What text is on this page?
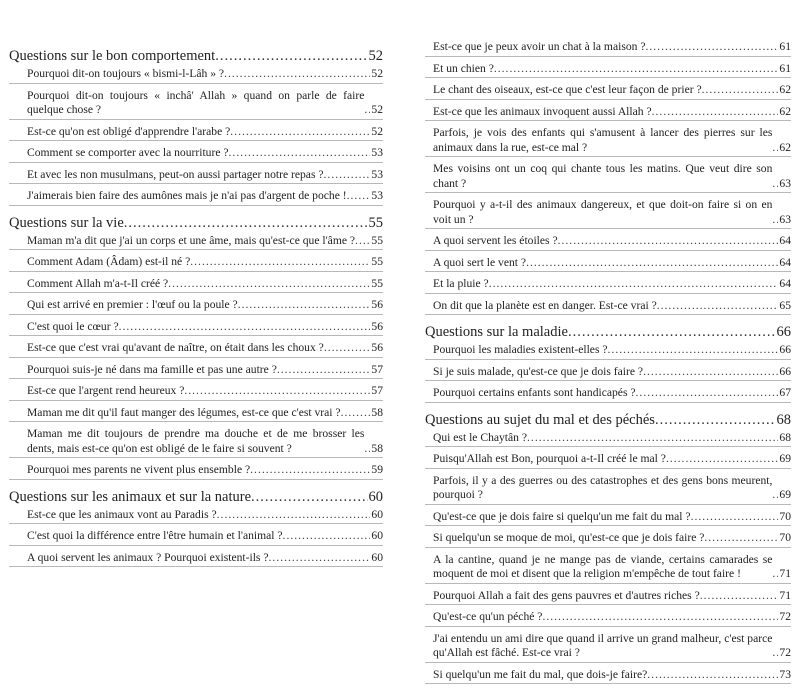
Questions sur le bon comportement .....	52
Pourquoi dit-on toujours « bismi-l-Lâh » ? .....	52
Pourquoi dit-on toujours « inchâ' Allah » quand on parle de faire quelque chose ? .....	52
Est-ce qu'on est obligé d'apprendre l'arabe ? .....	52
Comment se comporter avec la nourriture ? .....	53
Et avec les non musulmans, peut-on aussi partager notre repas ? .....	53
J'aimerais bien faire des aumônes mais je n'ai pas d'argent de poche ! ..... 53
Questions sur la vie .....	55
Maman m'a dit que j'ai un corps et une âme, mais qu'est-ce que l'âme ? ..... 55
Comment Adam (Âdam) est-il né ? .....	55
Comment Allah m'a-t-Il créé ? .....	55
Qui est arrivé en premier : l'œuf ou la poule ? .....	56
C'est quoi le cœur ? .....	56
Est-ce que c'est vrai qu'avant de naître, on était dans les choux ? .....	56
Pourquoi suis-je né dans ma famille et pas une autre ? .....	57
Est-ce que l'argent rend heureux ? .....	57
Maman me dit qu'il faut manger des légumes, est-ce que c'est vrai ? .....	58
Maman me dit toujours de prendre ma douche et de me brosser les dents, mais est-ce qu'on est obligé de le faire si souvent ? .....	58
Pourquoi mes parents ne vivent plus ensemble ? .....	59
Questions sur les animaux et sur la nature .....	60
Est-ce que les animaux vont au Paradis ? .....	60
C'est quoi la différence entre l'être humain et l'animal ? .....	60
A quoi servent les animaux ? Pourquoi existent-ils ? .....	60
Est-ce que je peux avoir un chat à la maison ? .....	61
Et un chien ? .....	61
Le chant des oiseaux, est-ce que c'est leur façon de prier ? .....	62
Est-ce que les animaux invoquent aussi Allah ? .....	62
Parfois, je vois des enfants qui s'amusent à lancer des pierres sur les animaux dans la rue, est-ce mal ? .....	62
Mes voisins ont un coq qui chante tous les matins. Que veut dire son chant ? .....	63
Pourquoi y a-t-il des animaux dangereux, et que doit-on faire si on en voit un ? .....	63
A quoi servent les étoiles ? .....	64
A quoi sert le vent ? .....	64
Et la pluie ? .....	64
On dit que la planète est en danger. Est-ce vrai ? .....	65
Questions sur la maladie .....	66
Pourquoi les maladies existent-elles ? .....	66
Si je suis malade, qu'est-ce que je dois faire ? .....	66
Pourquoi certains enfants sont handicapés ? .....	67
Questions au sujet du mal et des péchés .....	68
Qui est le Chaytân ? .....	68
Puisqu'Allah est Bon, pourquoi a-t-Il créé le mal ? .....	69
Parfois, il y a des guerres ou des catastrophes et des gens bons meurent, pourquoi ? .....	69
Qu'est-ce que je dois faire si quelqu'un me fait du mal ? .....	70
Si quelqu'un se moque de moi, qu'est-ce que je dois faire ? .....	70
A la cantine, quand je ne mange pas de viande, certains camarades se moquent de moi et disent que la religion m'empêche de tout faire ! .....	71
Pourquoi Allah a fait des gens pauvres et d'autres riches ? .....	71
Qu'est-ce qu'un péché ? .....	72
J'ai entendu un ami dire que quand il arrive un grand malheur, c'est parce qu'Allah est fâché. Est-ce vrai ? .....	72
Si quelqu'un me fait du mal, que dois-je faire? .....	73
